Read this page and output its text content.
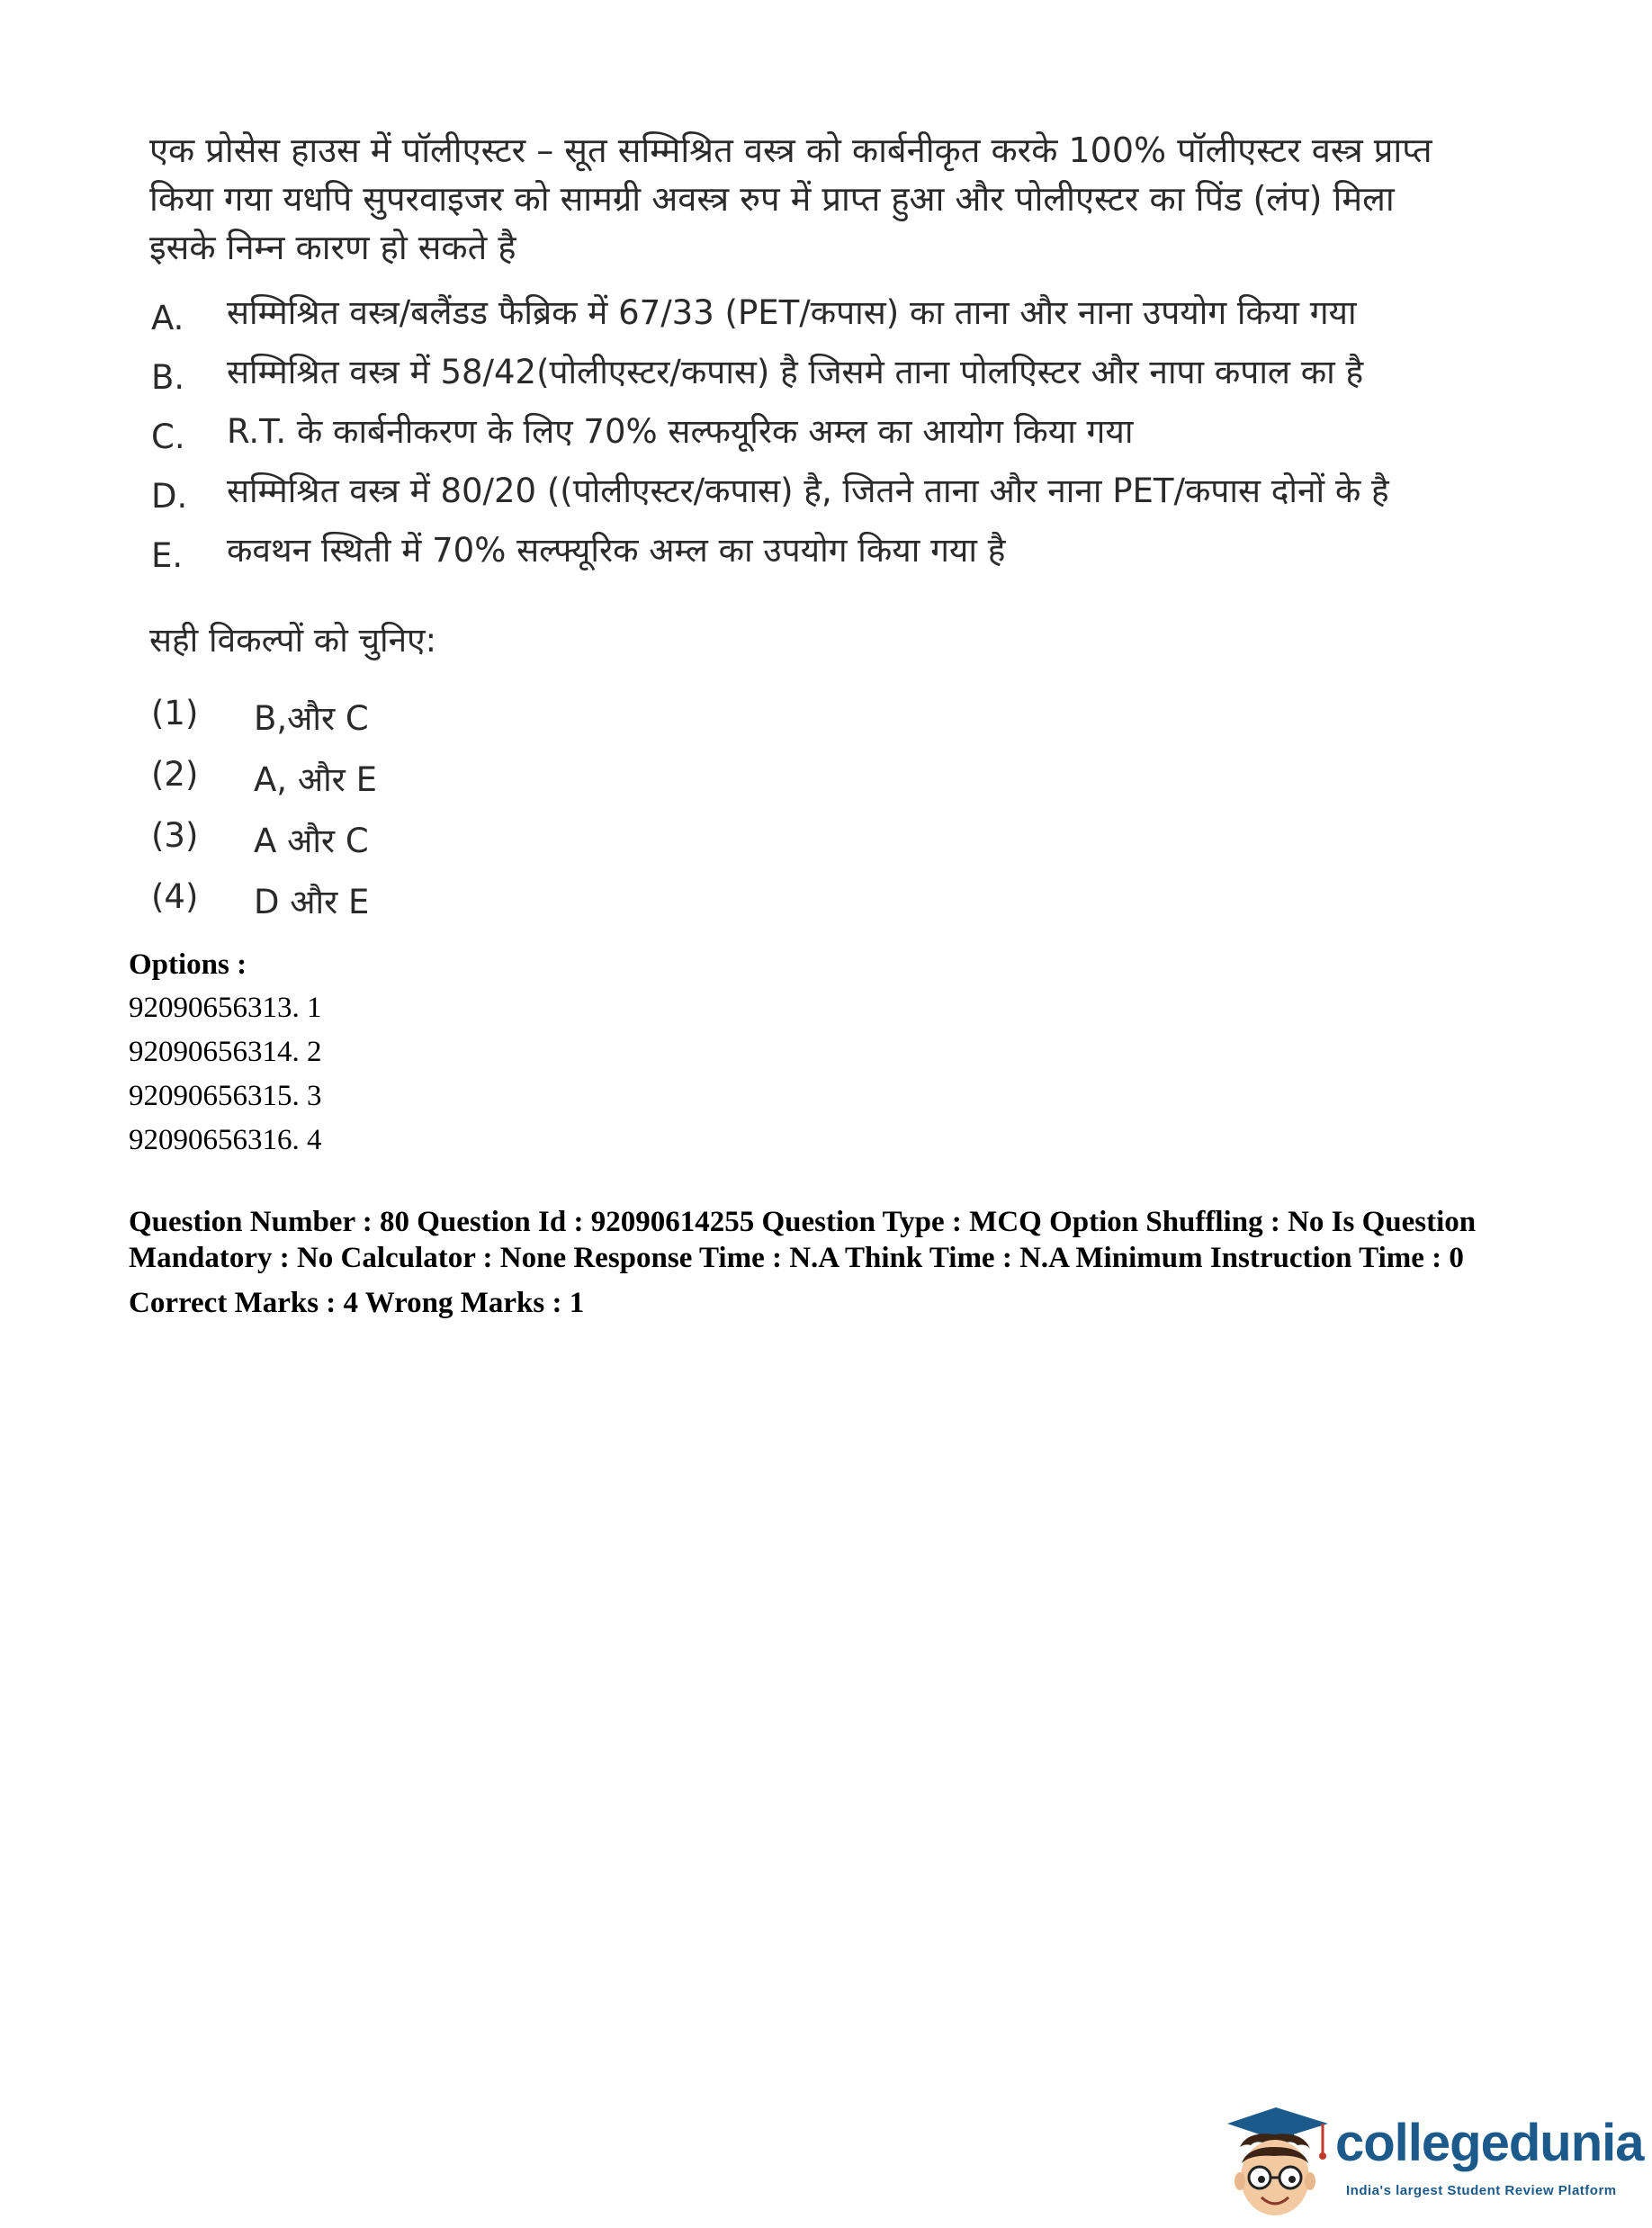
एक प्रोसेस हाउस में पॉलीएस्टर – सूत सम्मिश्रित वस्त्र को कार्बनीकृत करके 100% पॉलीएस्टर वस्त्र प्राप्त
किया गया यधपि सुपरवाइजर को सामग्री अवस्त्र रुप में प्राप्त हुआ और पोलीएस्टर का पिंड (लंप) मिला
इसके निम्न कारण हो सकते है
A.	सम्मिश्रित वस्त्र/बलैंडड फैब्रिक में 67/33 (PET/कपास) का ताना और नाना उपयोग किया गया
B.	सम्मिश्रित वस्त्र में 58/42(पोलीएस्टर/कपास) है जिसमे ताना पोलएिस्टर और नापा कपाल का है
C.	R.T. के कार्बनीकरण के लिए 70% सल्फयूरिक अम्ल का आयोग किया गया
D.	सम्मिश्रित वस्त्र में 80/20 ((पोलीएस्टर/कपास) है, जितने ताना और नाना PET/कपास दोनों के है
E.	कवथन स्थिती में 70% सल्फ्यूरिक अम्ल का उपयोग किया गया है
सही विकल्पों को चुनिए:
(1) B,और C
(2) A, और E
(3) A और C
(4) D और E
Options :
92090656313. 1
92090656314. 2
92090656315. 3
92090656316. 4
Question Number : 80 Question Id : 92090614255 Question Type : MCQ Option Shuffling : No Is Question Mandatory : No Calculator : None Response Time : N.A Think Time : N.A Minimum Instruction Time : 0
Correct Marks : 4 Wrong Marks : 1
collegedunia
India's largest Student Review Platform
